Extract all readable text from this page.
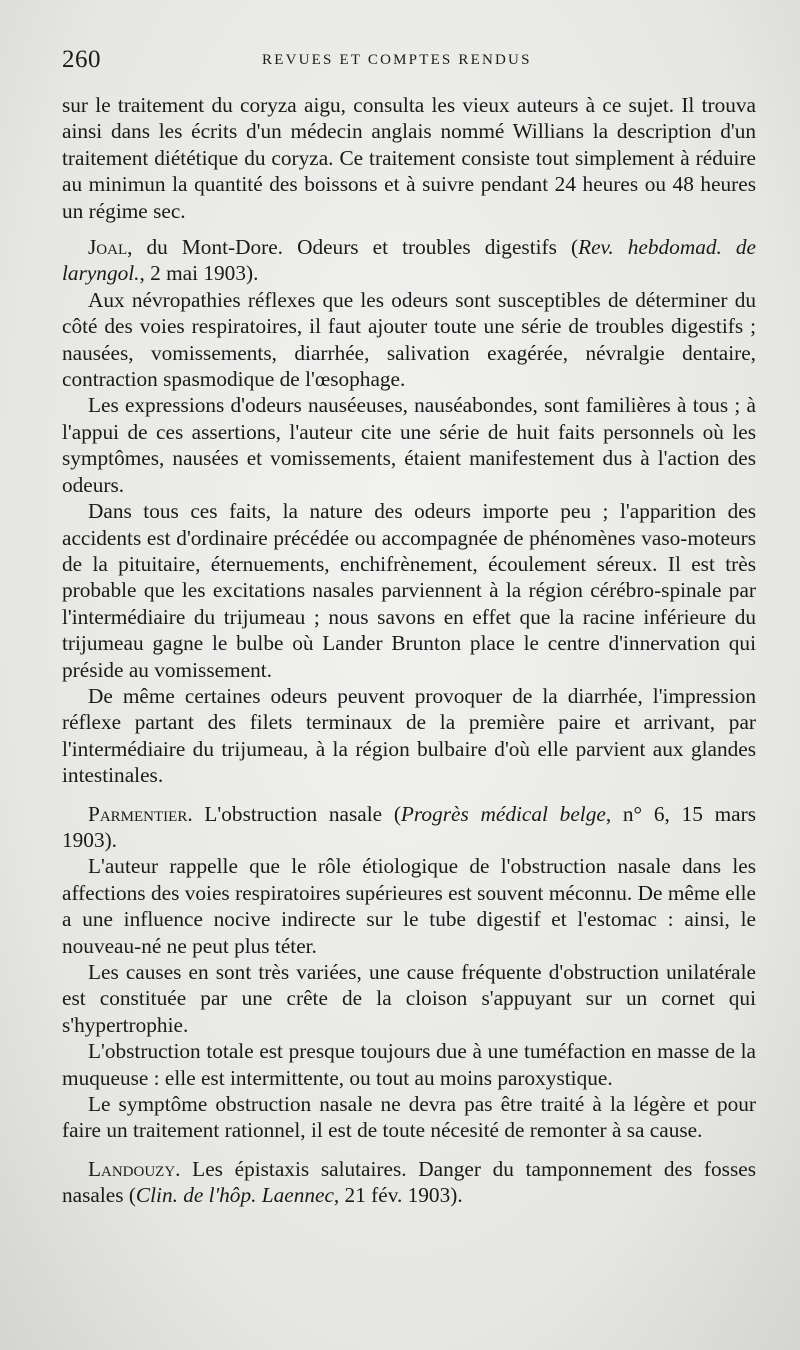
260	REVUES ET COMPTES RENDUS

sur le traitement du coryza aigu, consulta les vieux auteurs à ce sujet. Il trouva ainsi dans les écrits d'un médecin anglais nommé Willians la description d'un traitement diététique du coryza. Ce traitement consiste tout simplement à réduire au minimun la quantité des boissons et à suivre pendant 24 heures ou 48 heures un régime sec.

Joal, du Mont-Dore. Odeurs et troubles digestifs (Rev. hebdomad. de laryngol., 2 mai 1903).

Aux névropathies réflexes que les odeurs sont susceptibles de déterminer du côté des voies respiratoires, il faut ajouter toute une série de troubles digestifs ; nausées, vomissements, diarrhée, salivation exagérée, névralgie dentaire, contraction spasmodique de l'œsophage.

Les expressions d'odeurs nauséeuses, nauséabondes, sont familières à tous ; à l'appui de ces assertions, l'auteur cite une série de huit faits personnels où les symptômes, nausées et vomissements, étaient manifestement dus à l'action des odeurs.

Dans tous ces faits, la nature des odeurs importe peu ; l'apparition des accidents est d'ordinaire précédée ou accompagnée de phénomènes vaso-moteurs de la pituitaire, éternuements, enchifrènement, écoulement séreux. Il est très probable que les excitations nasales parviennent à la région cérébro-spinale par l'intermédiaire du trijumeau ; nous savons en effet que la racine inférieure du trijumeau gagne le bulbe où Lander Brunton place le centre d'innervation qui préside au vomissement.

De même certaines odeurs peuvent provoquer de la diarrhée, l'impression réflexe partant des filets terminaux de la première paire et arrivant, par l'intermédiaire du trijumeau, à la région bulbaire d'où elle parvient aux glandes intestinales.

Parmentier. L'obstruction nasale (Progrès médical belge, n° 6, 15 mars 1903).

L'auteur rappelle que le rôle étiologique de l'obstruction nasale dans les affections des voies respiratoires supérieures est souvent méconnu. De même elle a une influence nocive indirecte sur le tube digestif et l'estomac : ainsi, le nouveau-né ne peut plus téter.

Les causes en sont très variées, une cause fréquente d'obstruction unilatérale est constituée par une crête de la cloison s'appuyant sur un cornet qui s'hypertrophie.

L'obstruction totale est presque toujours due à une tuméfaction en masse de la muqueuse : elle est intermittente, ou tout au moins paroxystique.

Le symptôme obstruction nasale ne devra pas être traité à la légère et pour faire un traitement rationnel, il est de toute nécesité de remonter à sa cause.

Landouzy. Les épistaxis salutaires. Danger du tamponnement des fosses nasales (Clin. de l'hôp. Laennec, 21 fév. 1903).
